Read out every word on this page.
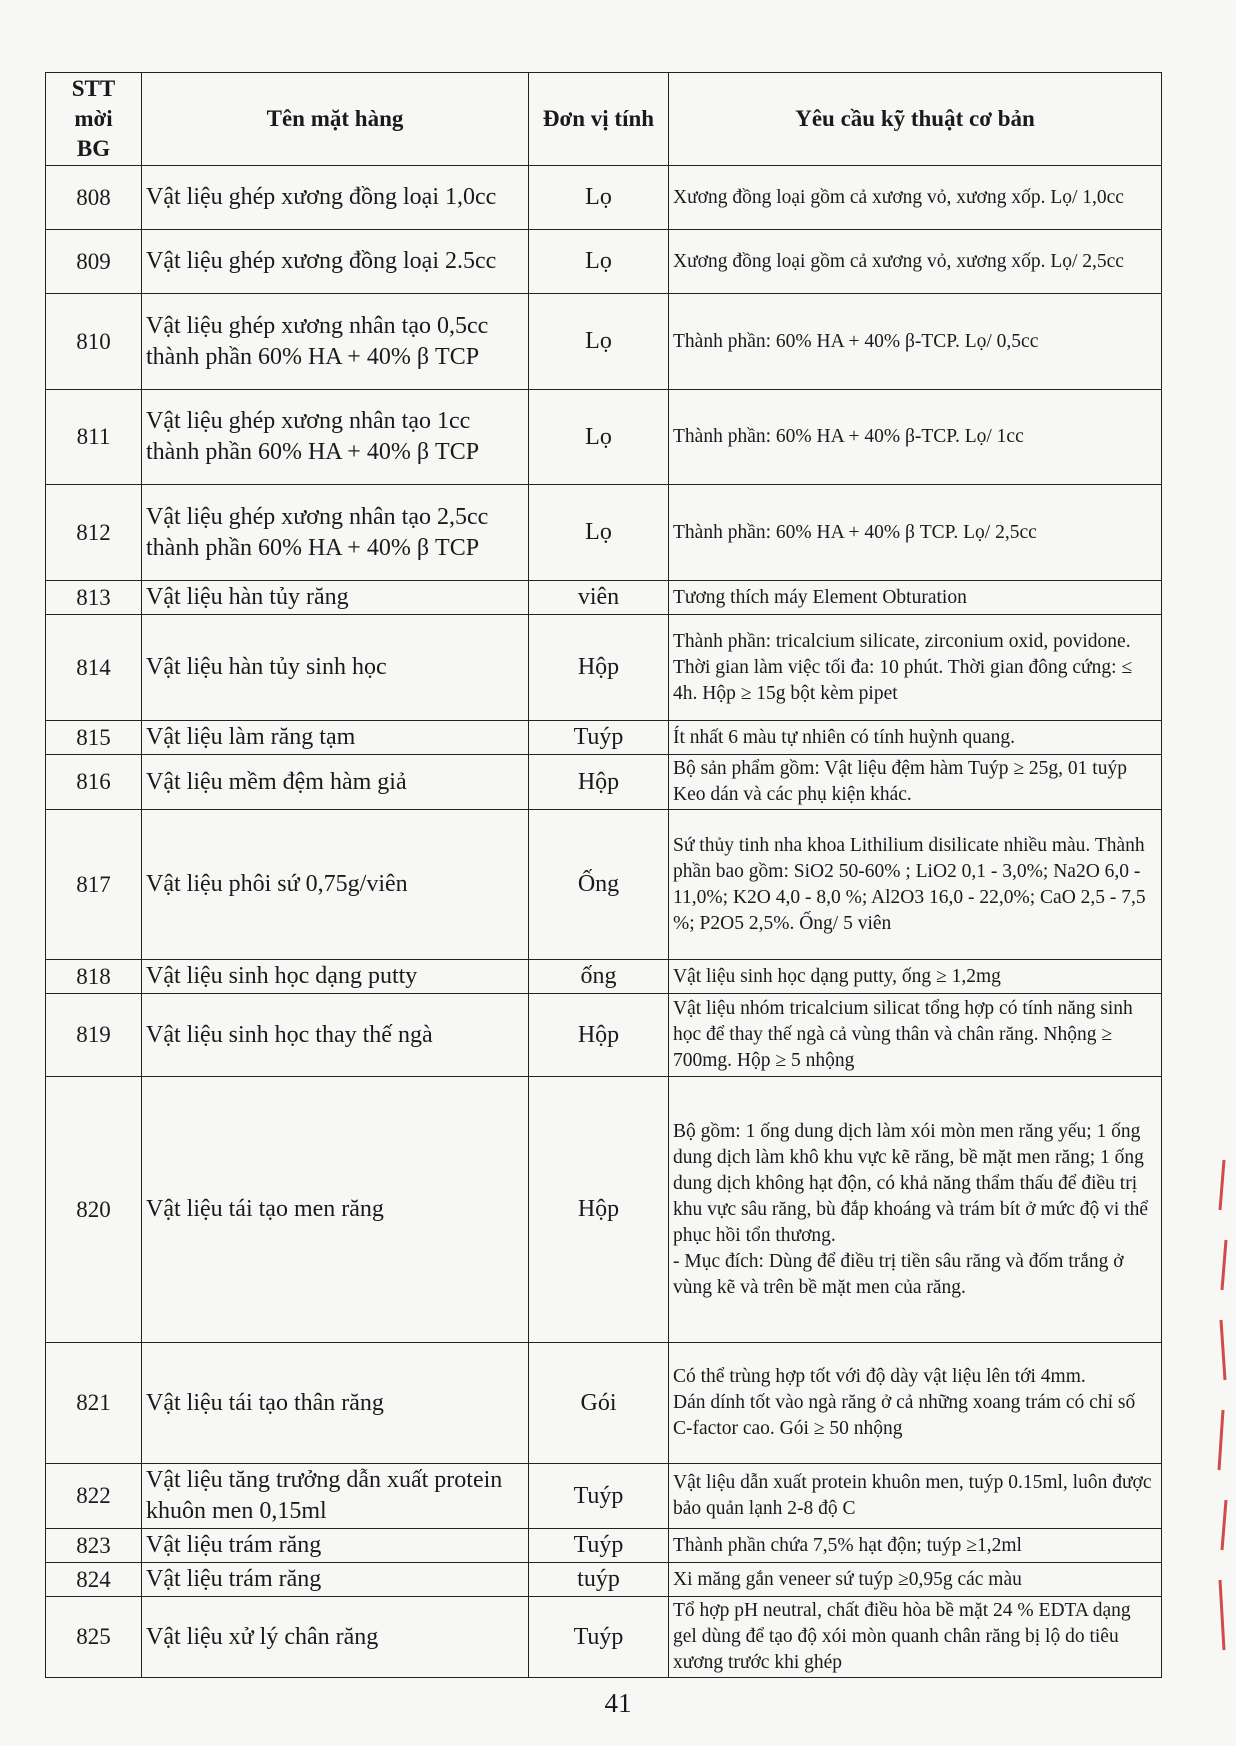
STT
mời
BG	Tên mặt hàng	Đơn vị tính	Yêu cầu kỹ thuật cơ bản
808	Vật liệu ghép xương đồng loại 1,0cc	Lọ	Xương đồng loại gồm cả xương vỏ, xương xốp. Lọ/ 1,0cc
809	Vật liệu ghép xương đồng loại 2.5cc	Lọ	Xương đồng loại gồm cả xương vỏ, xương xốp. Lọ/ 2,5cc
810	Vật liệu ghép xương nhân tạo 0,5cc thành phần 60% HA + 40% β TCP	Lọ	Thành phần: 60% HA + 40% β-TCP. Lọ/ 0,5cc
811	Vật liệu ghép xương nhân tạo 1cc thành phần 60% HA + 40% β TCP	Lọ	Thành phần: 60% HA + 40% β-TCP. Lọ/ 1cc
812	Vật liệu ghép xương nhân tạo 2,5cc thành phần 60% HA + 40% β TCP	Lọ	Thành phần: 60% HA + 40% β TCP. Lọ/ 2,5cc
813	Vật liệu hàn tủy răng	viên	Tương thích máy Element Obturation
814	Vật liệu hàn tủy sinh học	Hộp	Thành phần: tricalcium silicate, zirconium oxid, povidone. Thời gian làm việc tối đa: 10 phút. Thời gian đông cứng: ≤ 4h. Hộp ≥ 15g bột kèm pipet
815	Vật liệu làm răng tạm	Tuýp	Ít nhất 6 màu tự nhiên có tính huỳnh quang.
816	Vật liệu mềm đệm hàm giả	Hộp	Bộ sản phẩm gồm: Vật liệu đệm hàm Tuýp ≥ 25g, 01 tuýp Keo dán và các phụ kiện khác.
817	Vật liệu phôi sứ 0,75g/viên	Ống	Sứ thủy tinh nha khoa Lithilium disilicate nhiều màu. Thành phần bao gồm: SiO2 50-60% ; LiO2 0,1 - 3,0%; Na2O 6,0 - 11,0%; K2O 4,0 - 8,0 %; Al2O3 16,0 - 22,0%; CaO 2,5 - 7,5 %; P2O5 2,5%. Ống/ 5 viên
818	Vật liệu sinh học dạng putty	ống	Vật liệu sinh học dạng putty, ống ≥ 1,2mg
819	Vật liệu sinh học thay thế ngà	Hộp	Vật liệu nhóm tricalcium silicat tổng hợp có tính năng sinh học để thay thế ngà cả vùng thân và chân răng. Nhộng ≥ 700mg. Hộp ≥ 5 nhộng
820	Vật liệu tái tạo men răng	Hộp	Bộ gồm: 1 ống dung dịch làm xói mòn men răng yếu; 1 ống dung dịch làm khô khu vực kẽ răng, bề mặt men răng; 1 ống dung dịch không hạt độn, có khả năng thẩm thấu để điều trị khu vực sâu răng, bù đắp khoáng và trám bít ở mức độ vi thể phục hồi tổn thương.
- Mục đích: Dùng để điều trị tiền sâu răng và đốm trắng ở vùng kẽ và trên bề mặt men của răng.
821	Vật liệu tái tạo thân răng	Gói	Có thể trùng hợp tốt với độ dày vật liệu lên tới 4mm.
Dán dính tốt vào ngà răng ở cả những xoang trám có chỉ số C-factor cao. Gói ≥ 50 nhộng
822	Vật liệu tăng trưởng dẫn xuất protein khuôn men 0,15ml	Tuýp	Vật liệu dẫn xuất protein khuôn men, tuýp 0.15ml, luôn được bảo quản lạnh 2-8 độ C
823	Vật liệu trám răng	Tuýp	Thành phần chứa 7,5% hạt độn; tuýp ≥1,2ml
824	Vật liệu trám răng	tuýp	Xi măng gắn veneer sứ tuýp ≥0,95g các màu
825	Vật liệu xử lý chân răng	Tuýp	Tổ hợp pH neutral, chất điều hòa bề mặt 24 % EDTA dạng gel dùng để tạo độ xói mòn quanh chân răng bị lộ do tiêu xương trước khi ghép
41
